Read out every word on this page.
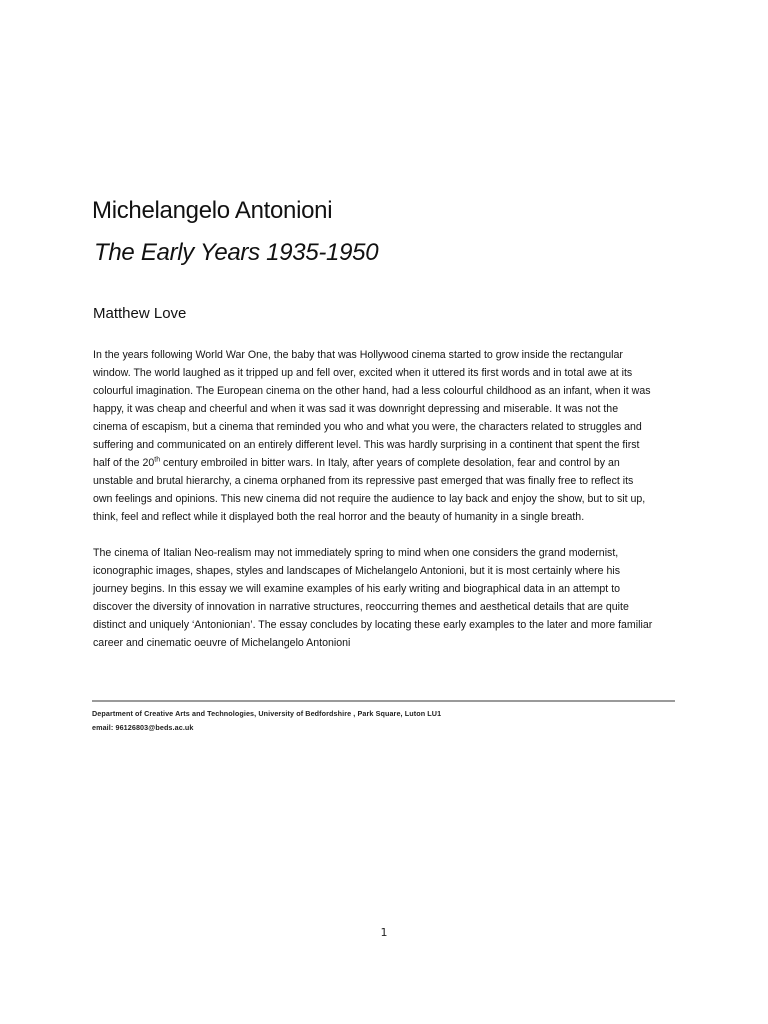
Michelangelo Antonioni
The Early Years 1935-1950
Matthew Love
In the years following World War One, the baby that was Hollywood cinema started to grow inside the rectangular
window. The world laughed as it tripped up and fell over, excited when it uttered its first words and in total awe at its
colourful imagination. The European cinema on the other hand, had a less colourful childhood as an infant, when it was
happy, it was cheap and cheerful and when it was sad it was downright depressing and miserable. It was not the
cinema of escapism, but a cinema that reminded you who and what you were, the characters related to struggles and
suffering and communicated on an entirely different level. This was hardly surprising in a continent that spent the first
half of the 20th century embroiled in bitter wars. In Italy, after years of complete desolation, fear and control by an
unstable and brutal hierarchy, a cinema orphaned from its repressive past emerged that was finally free to reflect its
own feelings and opinions. This new cinema did not require the audience to lay back and enjoy the show, but to sit up,
think, feel and reflect while it displayed both the real horror and the beauty of humanity in a single breath.
The cinema of Italian Neo-realism may not immediately spring to mind when one considers the grand modernist,
iconographic images, shapes, styles and landscapes of Michelangelo Antonioni, but it is most certainly where his
journey begins. In this essay we will examine examples of his early writing and biographical data in an attempt to
discover the diversity of innovation in narrative structures, reoccurring themes and aesthetical details that are quite
distinct and uniquely ‘Antonionian’. The essay concludes by locating these early examples to the later and more familiar
career and cinematic oeuvre of Michelangelo Antonioni
Department of Creative Arts and Technologies, University of Bedfordshire , Park Square, Luton LU1
email: 96126803@beds.ac.uk
1
